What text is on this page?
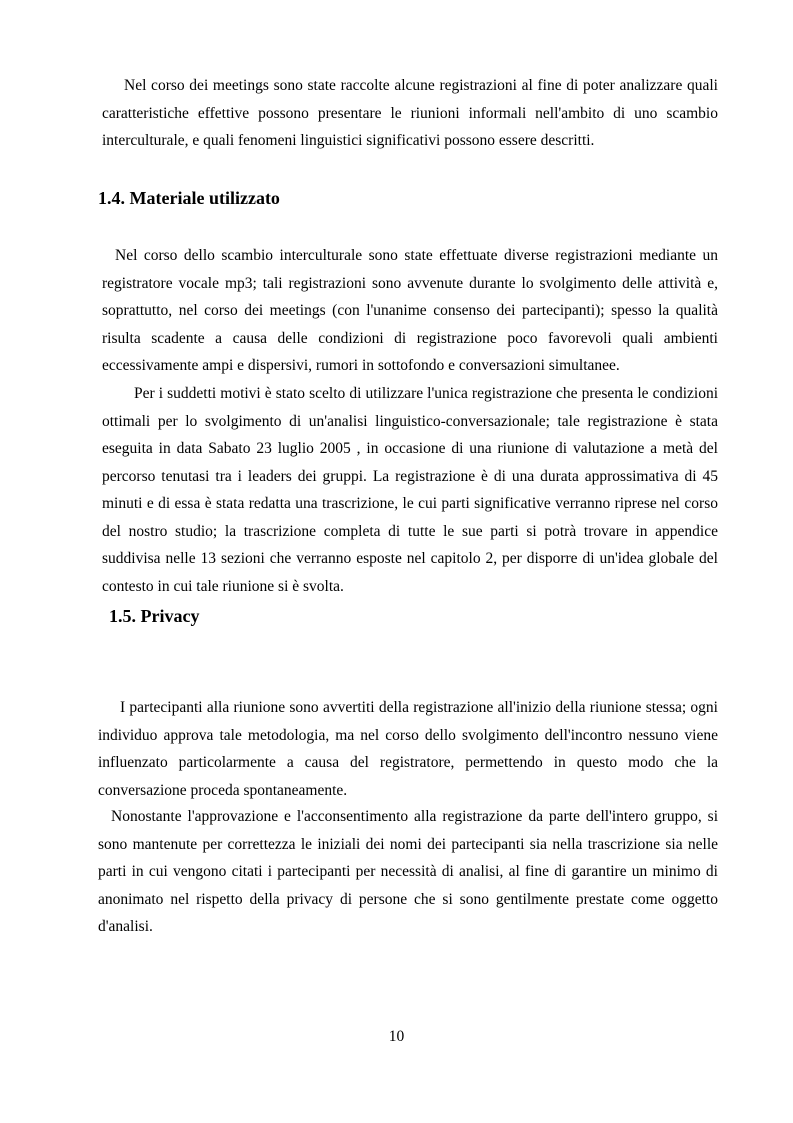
Nel corso dei meetings sono state raccolte alcune registrazioni al fine di poter analizzare quali caratteristiche effettive possono presentare le riunioni informali nell'ambito di uno scambio interculturale, e quali fenomeni linguistici significativi possono essere descritti.

1.4. Materiale utilizzato

Nel corso dello scambio interculturale sono state effettuate diverse registrazioni mediante un registratore vocale mp3; tali registrazioni sono avvenute durante lo svolgimento delle attività e, soprattutto, nel corso dei meetings (con l'unanime consenso dei partecipanti); spesso la qualità risulta scadente a causa delle condizioni di registrazione poco favorevoli quali ambienti eccessivamente ampi e dispersivi, rumori in sottofondo e conversazioni simultanee.

Per i suddetti motivi è stato scelto di utilizzare l'unica registrazione che presenta le condizioni ottimali per lo svolgimento di un'analisi linguistico-conversazionale; tale registrazione è stata eseguita in data Sabato 23 luglio 2005 , in occasione di una riunione di valutazione a metà del percorso tenutasi tra i leaders dei gruppi. La registrazione è di una durata approssimativa di 45 minuti e di essa è stata redatta una trascrizione, le cui parti significative verranno riprese nel corso del nostro studio; la trascrizione completa di tutte le sue parti si potrà trovare in appendice suddivisa nelle 13 sezioni che verranno esposte nel capitolo 2, per disporre di un'idea globale del contesto in cui tale riunione si è svolta.

1.5. Privacy

I partecipanti alla riunione sono avvertiti della registrazione all'inizio della riunione stessa; ogni individuo approva tale metodologia, ma nel corso dello svolgimento dell'incontro nessuno viene influenzato particolarmente a causa del registratore, permettendo in questo modo che la conversazione proceda spontaneamente.

Nonostante l'approvazione e l'acconsentimento alla registrazione da parte dell'intero gruppo, si sono mantenute per correttezza le iniziali dei nomi dei partecipanti sia nella trascrizione sia nelle parti in cui vengono citati i partecipanti per necessità di analisi, al fine di garantire un minimo di anonimato nel rispetto della privacy di persone che si sono gentilmente prestate come oggetto d'analisi.

10
